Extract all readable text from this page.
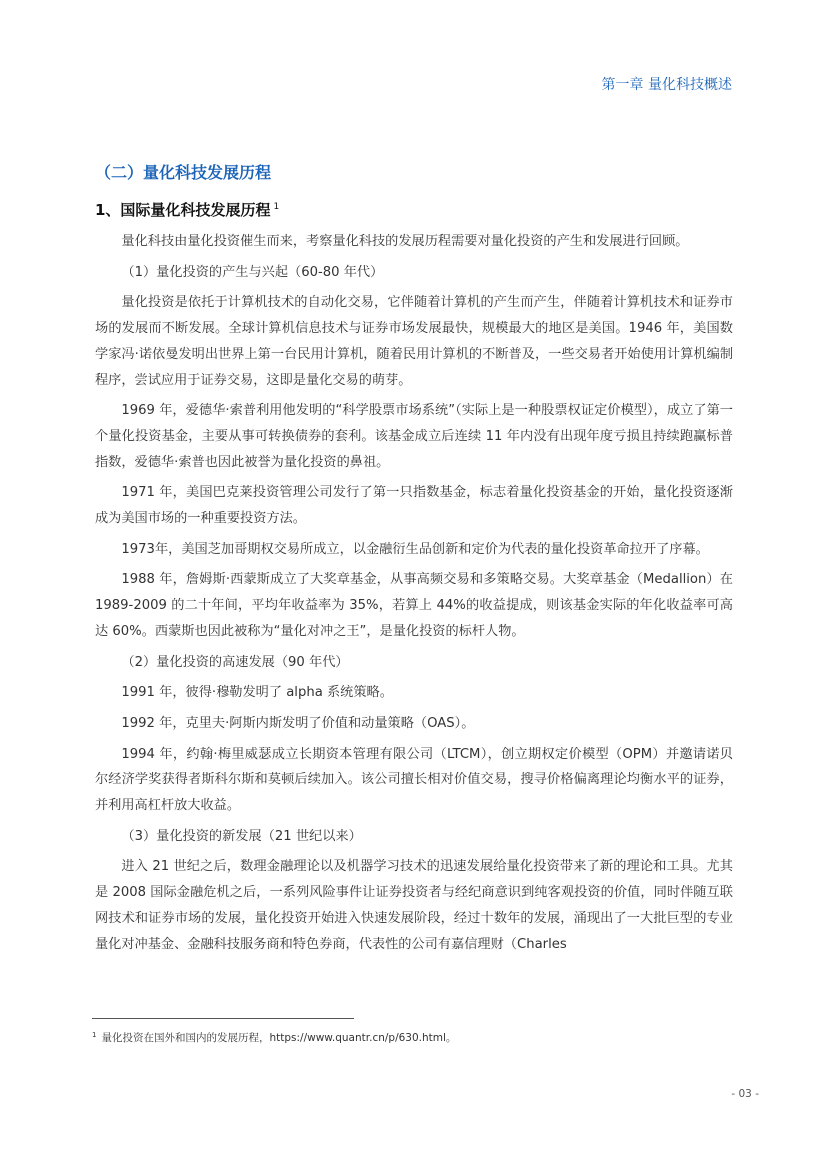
第一章 量化科技概述
（二）量化科技发展历程
1、国际量化科技发展历程 $^1$

量化科技由量化投资催生而来，考察量化科技的发展历程需要对量化投资的产生和发展进行回顾。

（1）量化投资的产生与兴起（60-80 年代）

量化投资是依托于计算机技术的自动化交易，它伴随着计算机的产生而产生，伴随着计算机技术和证券市场的发展而不断发展。全球计算机信息技术与证券市场发展最快，规模最大的地区是美国。1946 年，美国数学家冯·诺依曼发明出世界上第一台民用计算机，随着民用计算机的不断普及，一些交易者开始使用计算机编制程序，尝试应用于证券交易，这即是量化交易的萌芽。

1969 年，爱德华·索普利用他发明的“科学股票市场系统”（实际上是一种股票权证定价模型），成立了第一个量化投资基金，主要从事可转换债券的套利。该基金成立后连续 11 年内没有出现年度亏损且持续跑赢标普指数，爱德华·索普也因此被誉为量化投资的鼻祖。

1971 年，美国巴克莱投资管理公司发行了第一只指数基金，标志着量化投资基金的开始，量化投资逐渐成为美国市场的一种重要投资方法。

1973年，美国芝加哥期权交易所成立，以金融衍生品创新和定价为代表的量化投资革命拉开了序幕。

1988 年，詹姆斯·西蒙斯成立了大奖章基金，从事高频交易和多策略交易。大奖章基金（Medallion）在 1989-2009 的二十年间，平均年收益率为 35%，若算上 44%的收益提成，则该基金实际的年化收益率可高达 60%。西蒙斯也因此被称为“量化对冲之王”，是量化投资的标杆人物。

（2）量化投资的高速发展（90 年代）

1991 年，彼得·穆勒发明了 alpha 系统策略。

1992 年，克里夫·阿斯内斯发明了价值和动量策略（OAS）。

1994 年，约翰·梅里威瑟成立长期资本管理有限公司（LTCM），创立期权定价模型（OPM）并邀请诺贝尔经济学奖获得者斯科尔斯和莫顿后续加入。该公司擅长相对价值交易，搜寻价格偏离理论均衡水平的证券，并利用高杠杆放大收益。

（3）量化投资的新发展（21 世纪以来）

进入 21 世纪之后，数理金融理论以及机器学习技术的迅速发展给量化投资带来了新的理论和工具。尤其是 2008 国际金融危机之后，一系列风险事件让证券投资者与经纪商意识到纯客观投资的价值，同时伴随互联网技术和证券市场的发展，量化投资开始进入快速发展阶段，经过十数年的发展，涌现出了一大批巨型的专业量化对冲基金、金融科技服务商和特色券商，代表性的公司有嘉信理财（Charles

$^1$ 量化投资在国外和国内的发展历程，https://www.quantr.cn/p/630.html。
- 03 -
